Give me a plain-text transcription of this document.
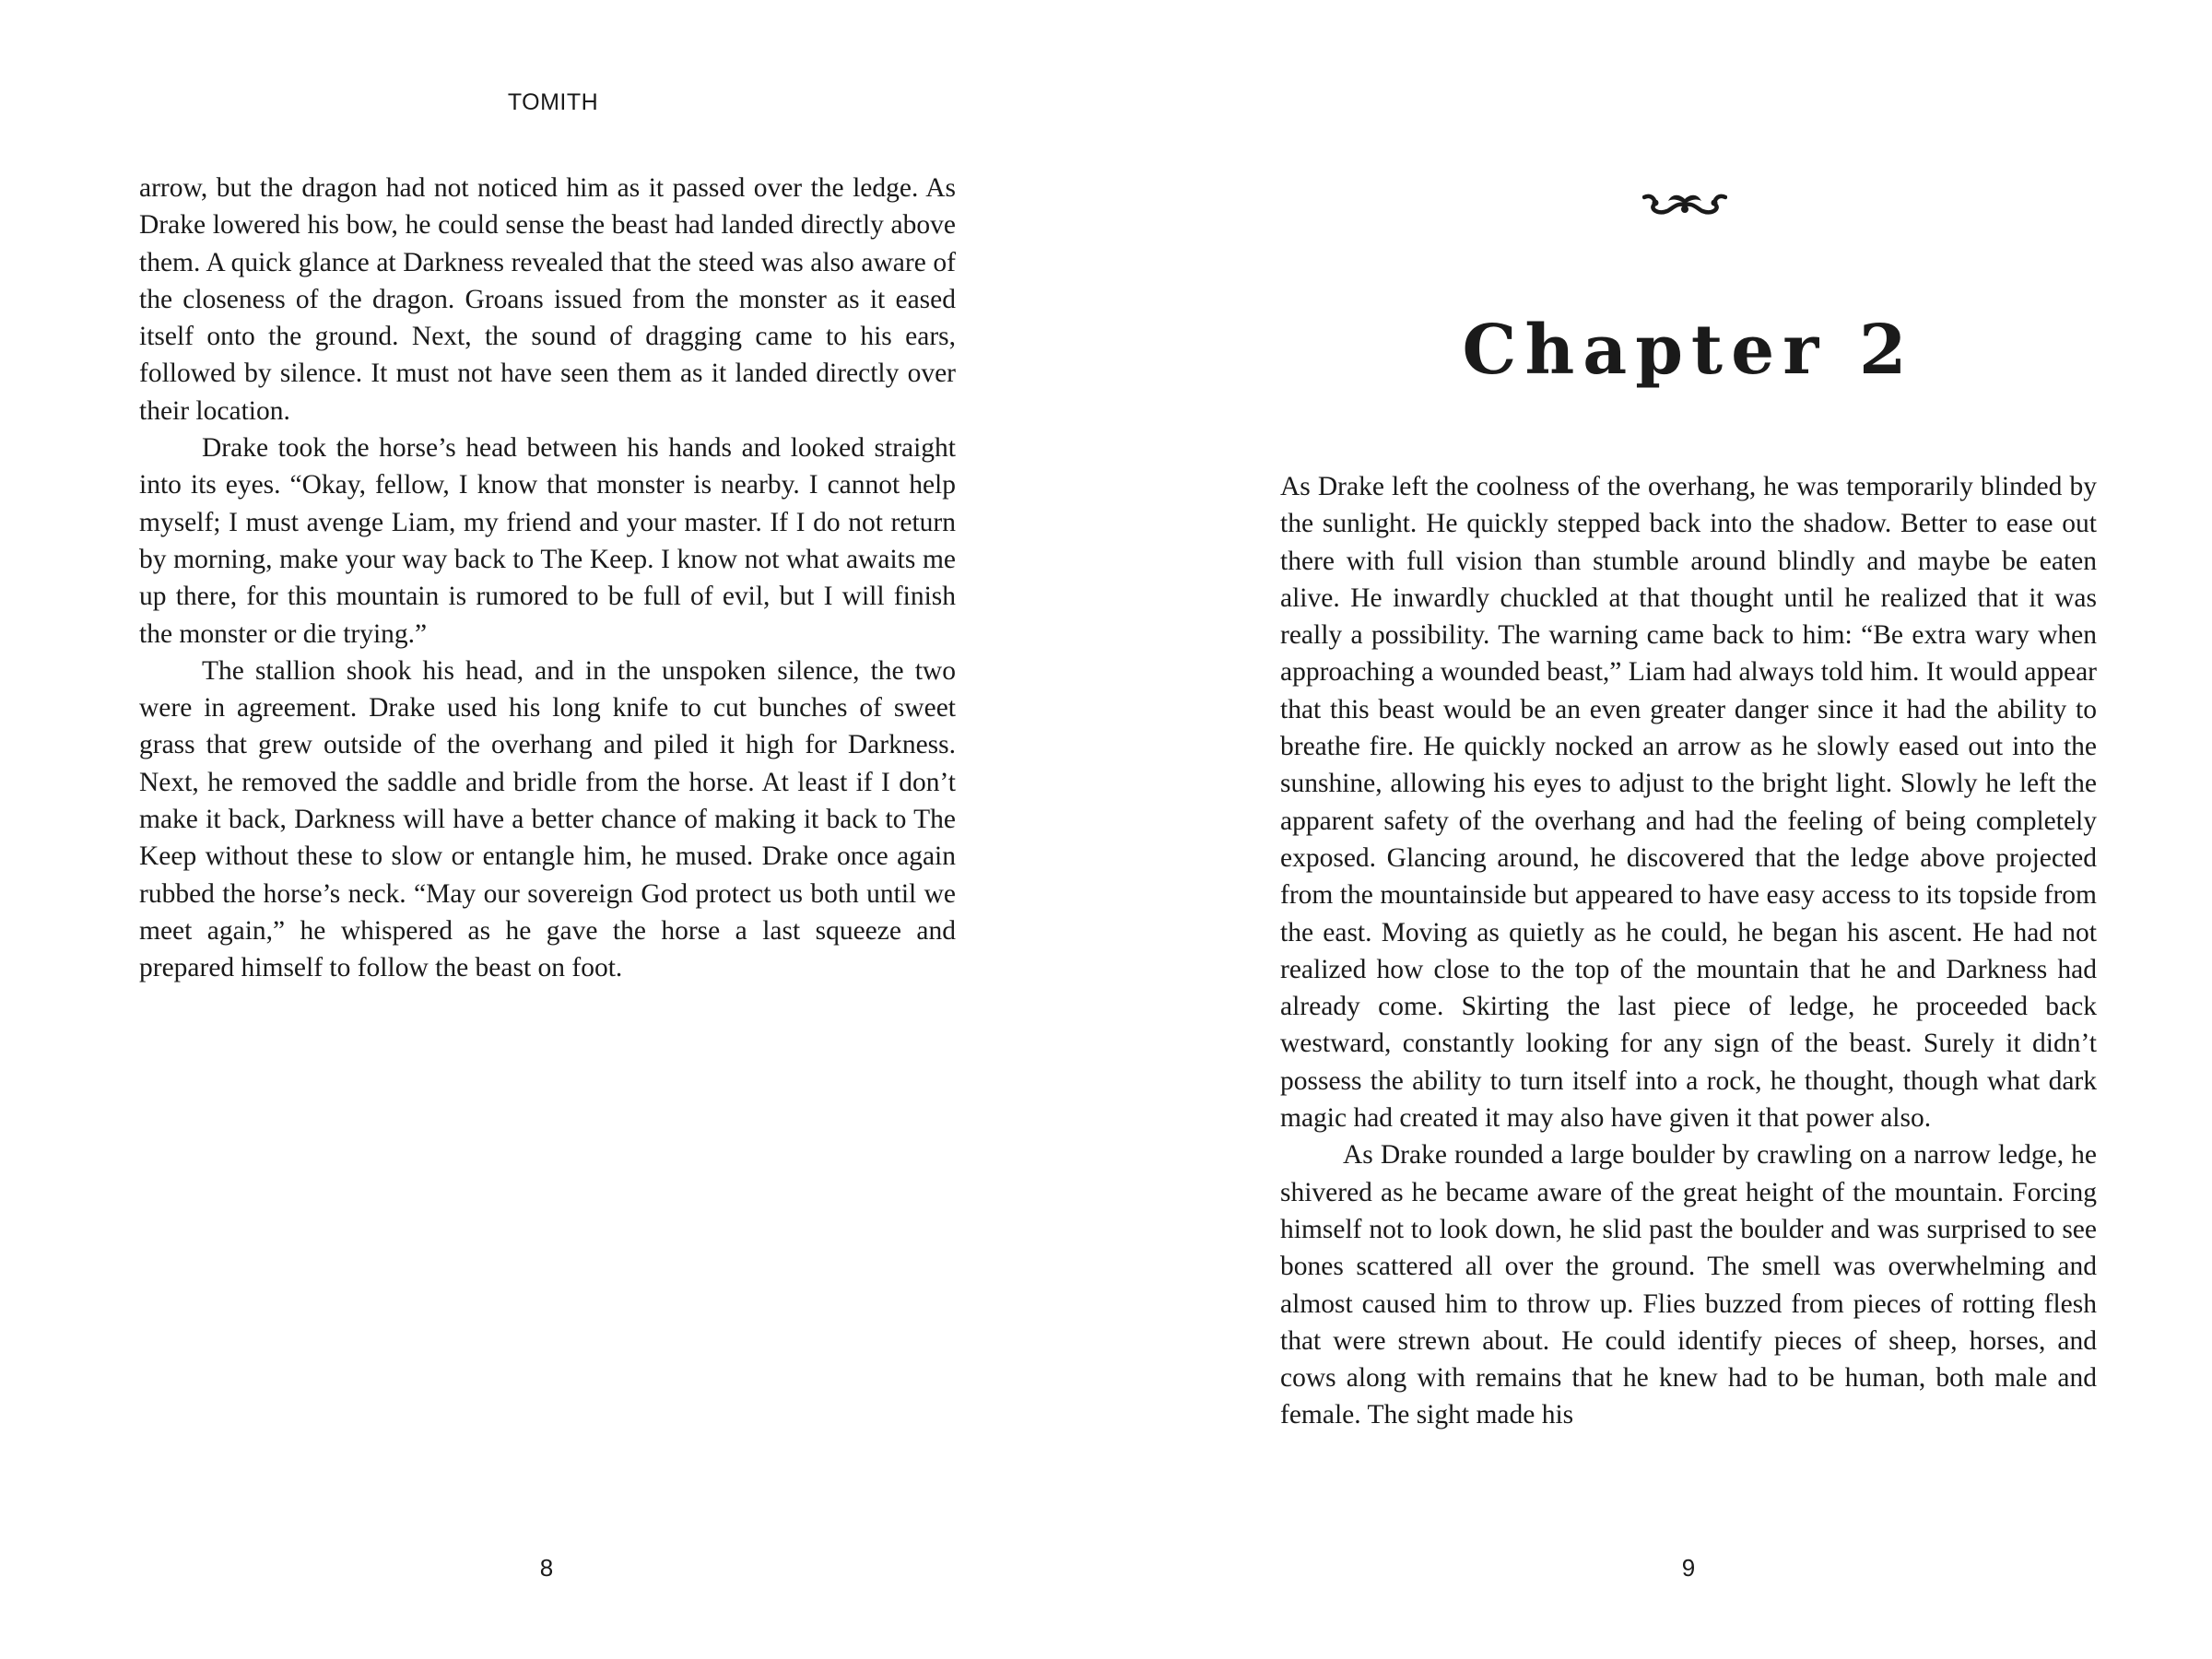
TOMITH

arrow, but the dragon had not noticed him as it passed over the ledge. As Drake lowered his bow, he could sense the beast had landed directly above them. A quick glance at Darkness revealed that the steed was also aware of the closeness of the dragon. Groans issued from the monster as it eased itself onto the ground. Next, the sound of dragging came to his ears, followed by silence. It must not have seen them as it landed directly over their location.

Drake took the horse’s head between his hands and looked straight into its eyes. “Okay, fellow, I know that monster is nearby. I cannot help myself; I must avenge Liam, my friend and your master. If I do not return by morning, make your way back to The Keep. I know not what awaits me up there, for this mountain is rumored to be full of evil, but I will finish the monster or die trying.”

The stallion shook his head, and in the unspoken silence, the two were in agreement. Drake used his long knife to cut bunches of sweet grass that grew outside of the overhang and piled it high for Darkness. Next, he removed the saddle and bridle from the horse. At least if I don’t make it back, Darkness will have a better chance of making it back to The Keep without these to slow or entangle him, he mused. Drake once again rubbed the horse’s neck. “May our sovereign God protect us both until we meet again,” he whispered as he gave the horse a last squeeze and prepared himself to follow the beast on foot.

8
Chapter 2

As Drake left the coolness of the overhang, he was temporarily blinded by the sunlight. He quickly stepped back into the shadow. Better to ease out there with full vision than stumble around blindly and maybe be eaten alive. He inwardly chuckled at that thought until he realized that it was really a possibility. The warning came back to him: “Be extra wary when approaching a wounded beast,” Liam had always told him. It would appear that this beast would be an even greater danger since it had the ability to breathe fire. He quickly nocked an arrow as he slowly eased out into the sunshine, allowing his eyes to adjust to the bright light. Slowly he left the apparent safety of the overhang and had the feeling of being completely exposed. Glancing around, he discovered that the ledge above projected from the mountainside but appeared to have easy access to its topside from the east. Moving as quietly as he could, he began his ascent. He had not realized how close to the top of the mountain that he and Darkness had already come. Skirting the last piece of ledge, he proceeded back westward, constantly looking for any sign of the beast. Surely it didn’t possess the ability to turn itself into a rock, he thought, though what dark magic had created it may also have given it that power also.

As Drake rounded a large boulder by crawling on a narrow ledge, he shivered as he became aware of the great height of the mountain. Forcing himself not to look down, he slid past the boulder and was surprised to see bones scattered all over the ground. The smell was overwhelming and almost caused him to throw up. Flies buzzed from pieces of rotting flesh that were strewn about. He could identify pieces of sheep, horses, and cows along with remains that he knew had to be human, both male and female. The sight made his

9
